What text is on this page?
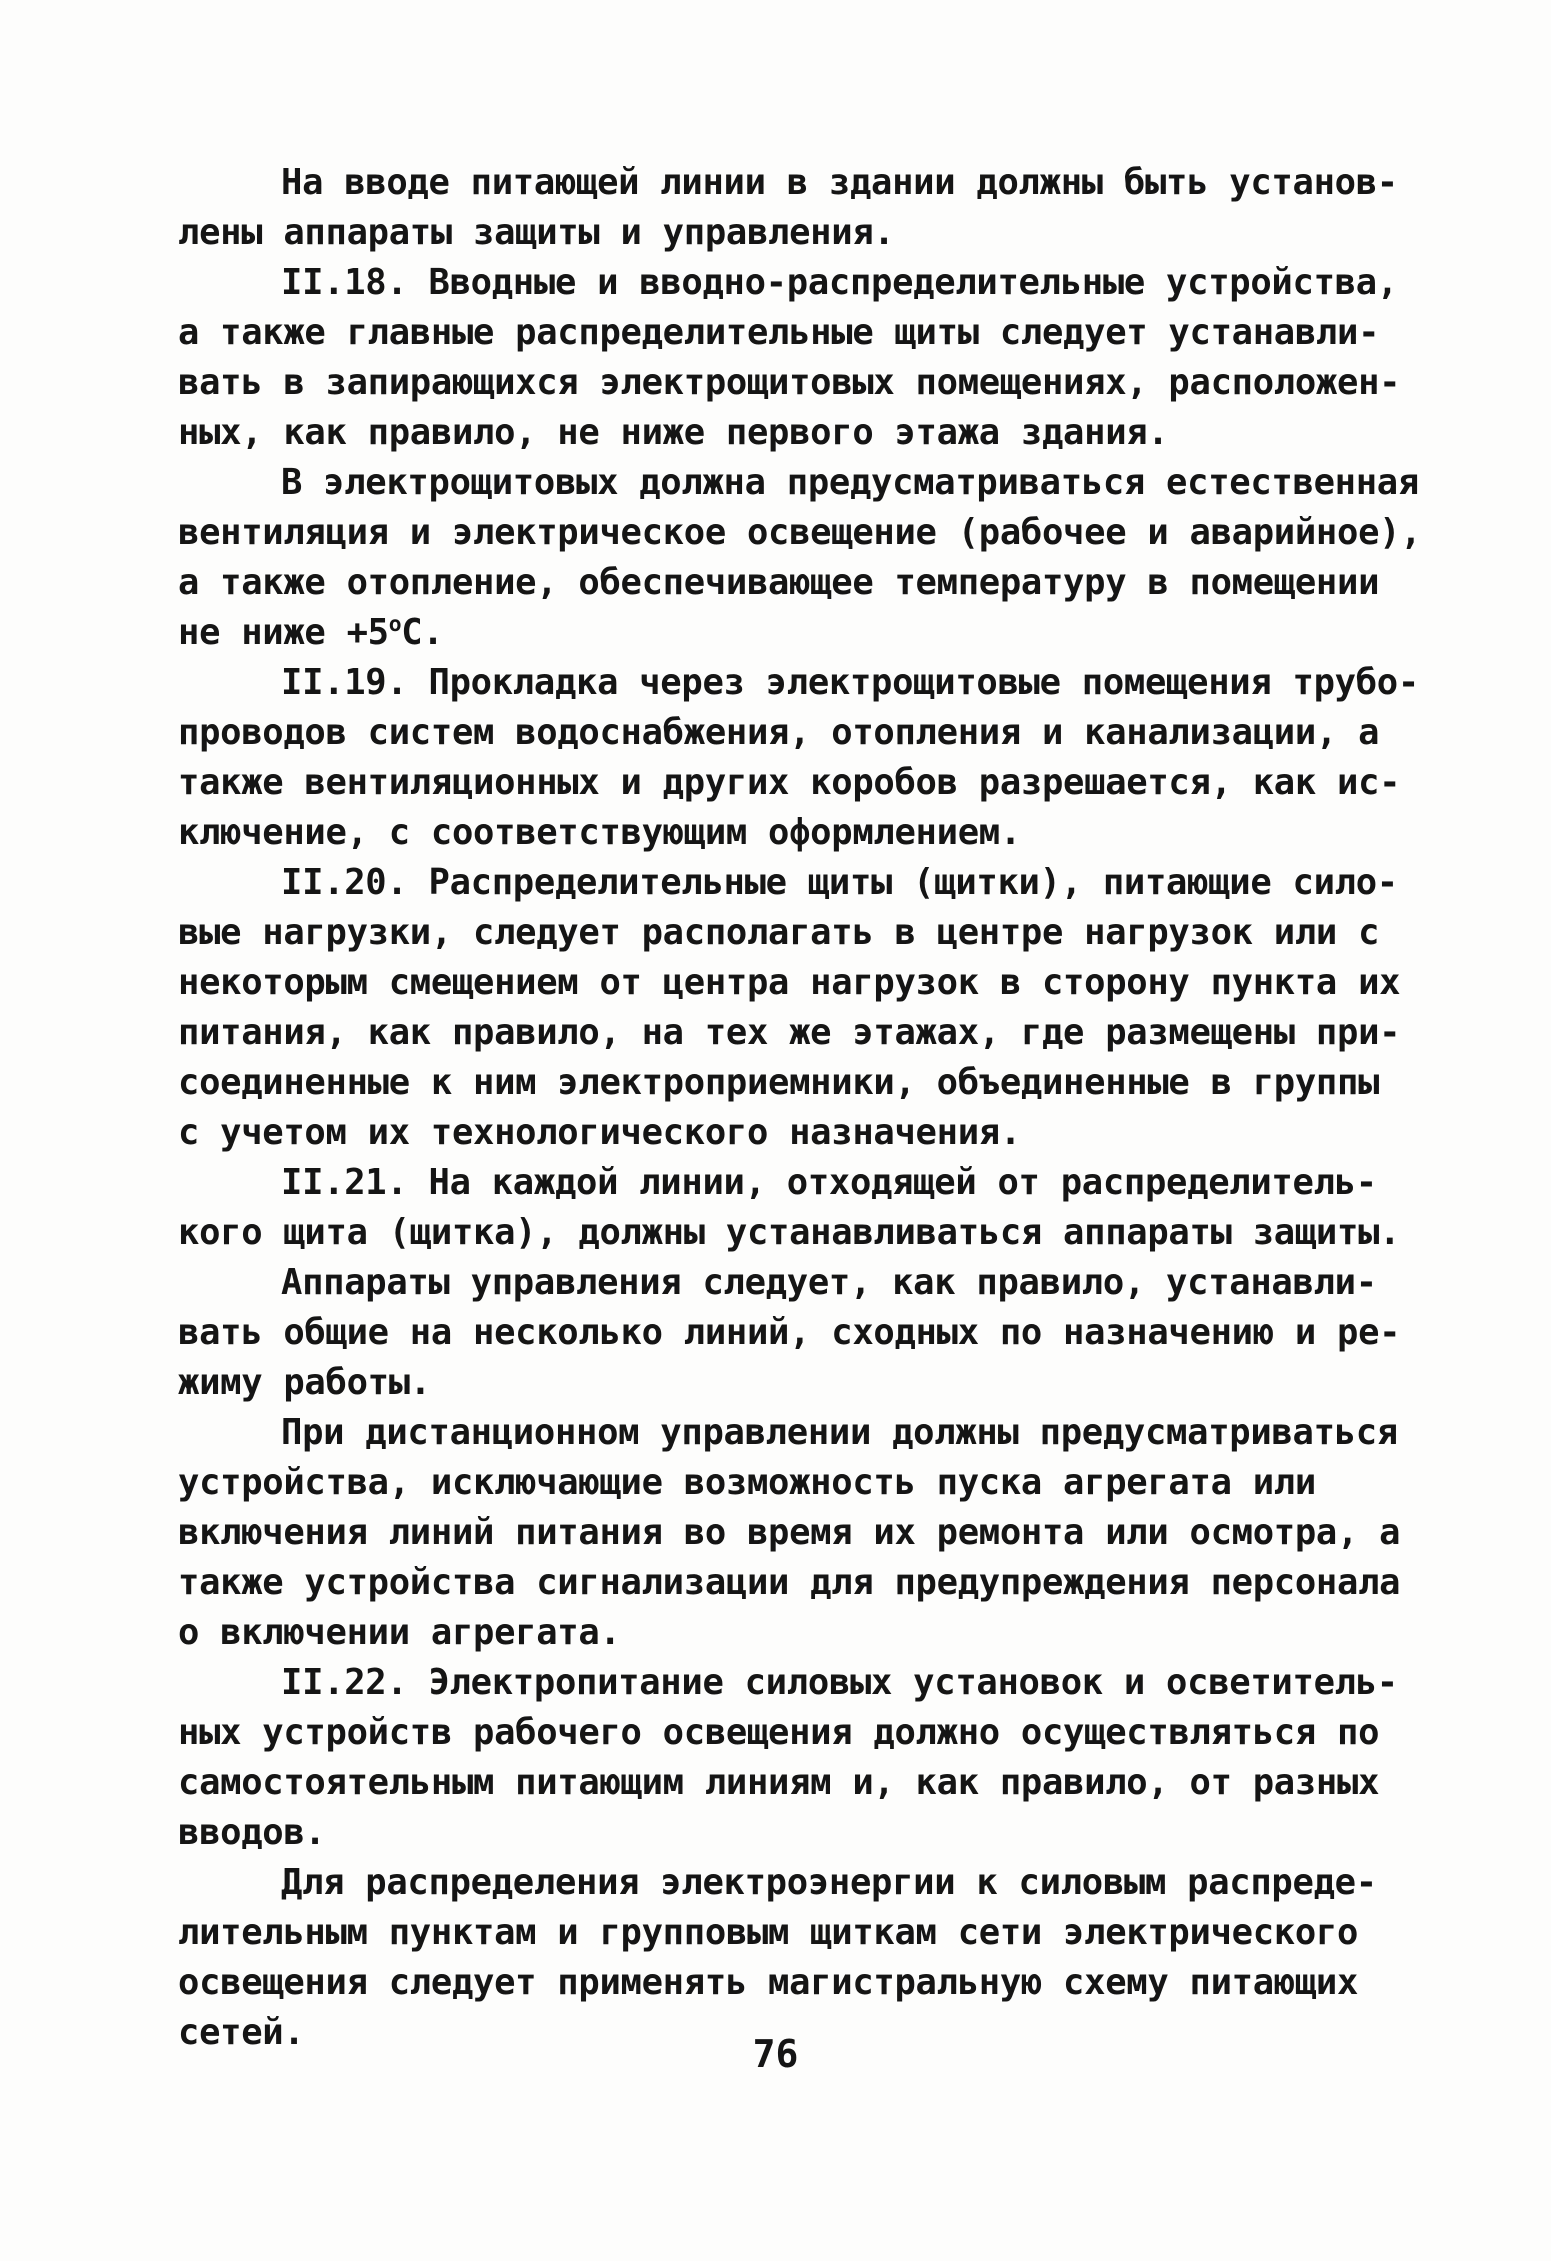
На вводе питающей линии в здании должны быть установ-
лены аппараты защиты и управления.
II.18. Вводные и вводно-распределительные устройства,
а также главные распределительные щиты следует устанавли-
вать в запирающихся электрощитовых помещениях, расположен-
ных, как правило, не ниже первого этажа здания.
В электрощитовых должна предусматриваться естественная
вентиляция и электрическое освещение (рабочее и аварийное),
а также отопление, обеспечивающее температуру в помещении
не ниже $+5^оС$.
II.19. Прокладка через электрощитовые помещения трубо-
проводов систем водоснабжения, отопления и канализации, а
также вентиляционных и других коробов разрешается, как ис-
ключение, с соответствующим оформлением.
II.20. Распределительные щиты (щитки), питающие сило-
вые нагрузки, следует располагать в центре нагрузок или с
некоторым смещением от центра нагрузок в сторону пункта их
питания, как правило, на тех же этажах, где размещены при-
соединенные к ним электроприемники, объединенные в группы
с учетом их технологического назначения.
II.21. На каждой линии, отходящей от распределитель-
кого щита (щитка), должны устанавливаться аппараты защиты.
Аппараты управления следует, как правило, устанавли-
вать общие на несколько линий, сходных по назначению и ре-
жиму работы.
При дистанционном управлении должны предусматриваться
устройства, исключающие возможность пуска агрегата или
включения линий питания во время их ремонта или осмотра, а
также устройства сигнализации для предупреждения персонала
о включении агрегата.
II.22. Электропитание силовых установок и осветитель-
ных устройств рабочего освещения должно осуществляться по
самостоятельным питающим линиям и, как правило, от разных
вводов.
Для распределения электроэнергии к силовым распреде-
лительным пунктам и групповым щиткам сети электрического
освещения следует применять магистральную схему питающих
сетей.	76
